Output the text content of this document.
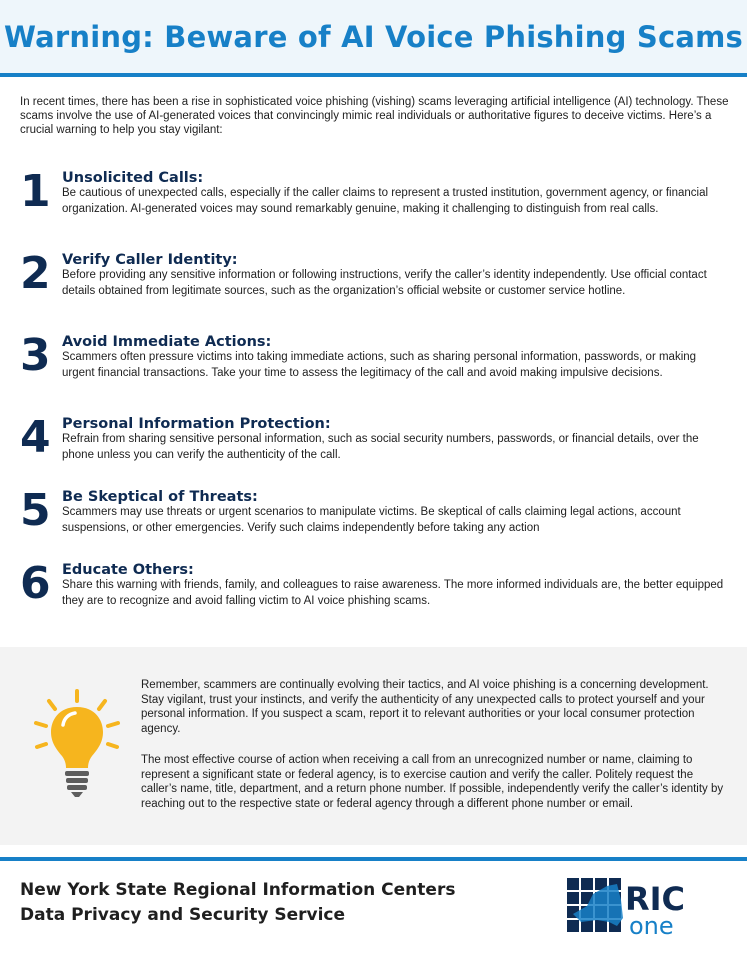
Warning: Beware of AI Voice Phishing Scams

In recent times, there has been a rise in sophisticated voice phishing (vishing) scams leveraging artificial intelligence (AI) technology. These scams involve the use of AI-generated voices that convincingly mimic real individuals or authoritative figures to deceive victims. Here’s a crucial warning to help you stay vigilant:

1 Unsolicited Calls:

Be cautious of unexpected calls, especially if the caller claims to represent a trusted institution, government agency, or financial organization. AI-generated voices may sound remarkably genuine, making it challenging to distinguish from real calls.

2 Verify Caller Identity:

Before providing any sensitive information or following instructions, verify the caller’s identity independently. Use official contact details obtained from legitimate sources, such as the organization’s official website or customer service hotline.

3 Avoid Immediate Actions:

Scammers often pressure victims into taking immediate actions, such as sharing personal information, passwords, or making urgent financial transactions. Take your time to assess the legitimacy of the call and avoid making impulsive decisions.

4 Personal Information Protection:

Refrain from sharing sensitive personal information, such as social security numbers, passwords, or financial details, over the phone unless you can verify the authenticity of the call.

5 Be Skeptical of Threats:

Scammers may use threats or urgent scenarios to manipulate victims. Be skeptical of calls claiming legal actions, account suspensions, or other emergencies. Verify such claims independently before taking any action

6 Educate Others:

Share this warning with friends, family, and colleagues to raise awareness. The more informed individuals are, the better equipped they are to recognize and avoid falling victim to AI voice phishing scams.

Remember, scammers are continually evolving their tactics, and AI voice phishing is a concerning development. Stay vigilant, trust your instincts, and verify the authenticity of any unexpected calls to protect yourself and your personal information. If you suspect a scam, report it to relevant authorities or your local consumer protection agency.

The most effective course of action when receiving a call from an unrecognized number or name, claiming to represent a significant state or federal agency, is to exercise caution and verify the caller. Politely request the caller’s name, title, department, and a return phone number. If possible, independently verify the caller’s identity by reaching out to the respective state or federal agency through a different phone number or email.

New York State Regional Information Centers
Data Privacy and Security Service	RIC
one
